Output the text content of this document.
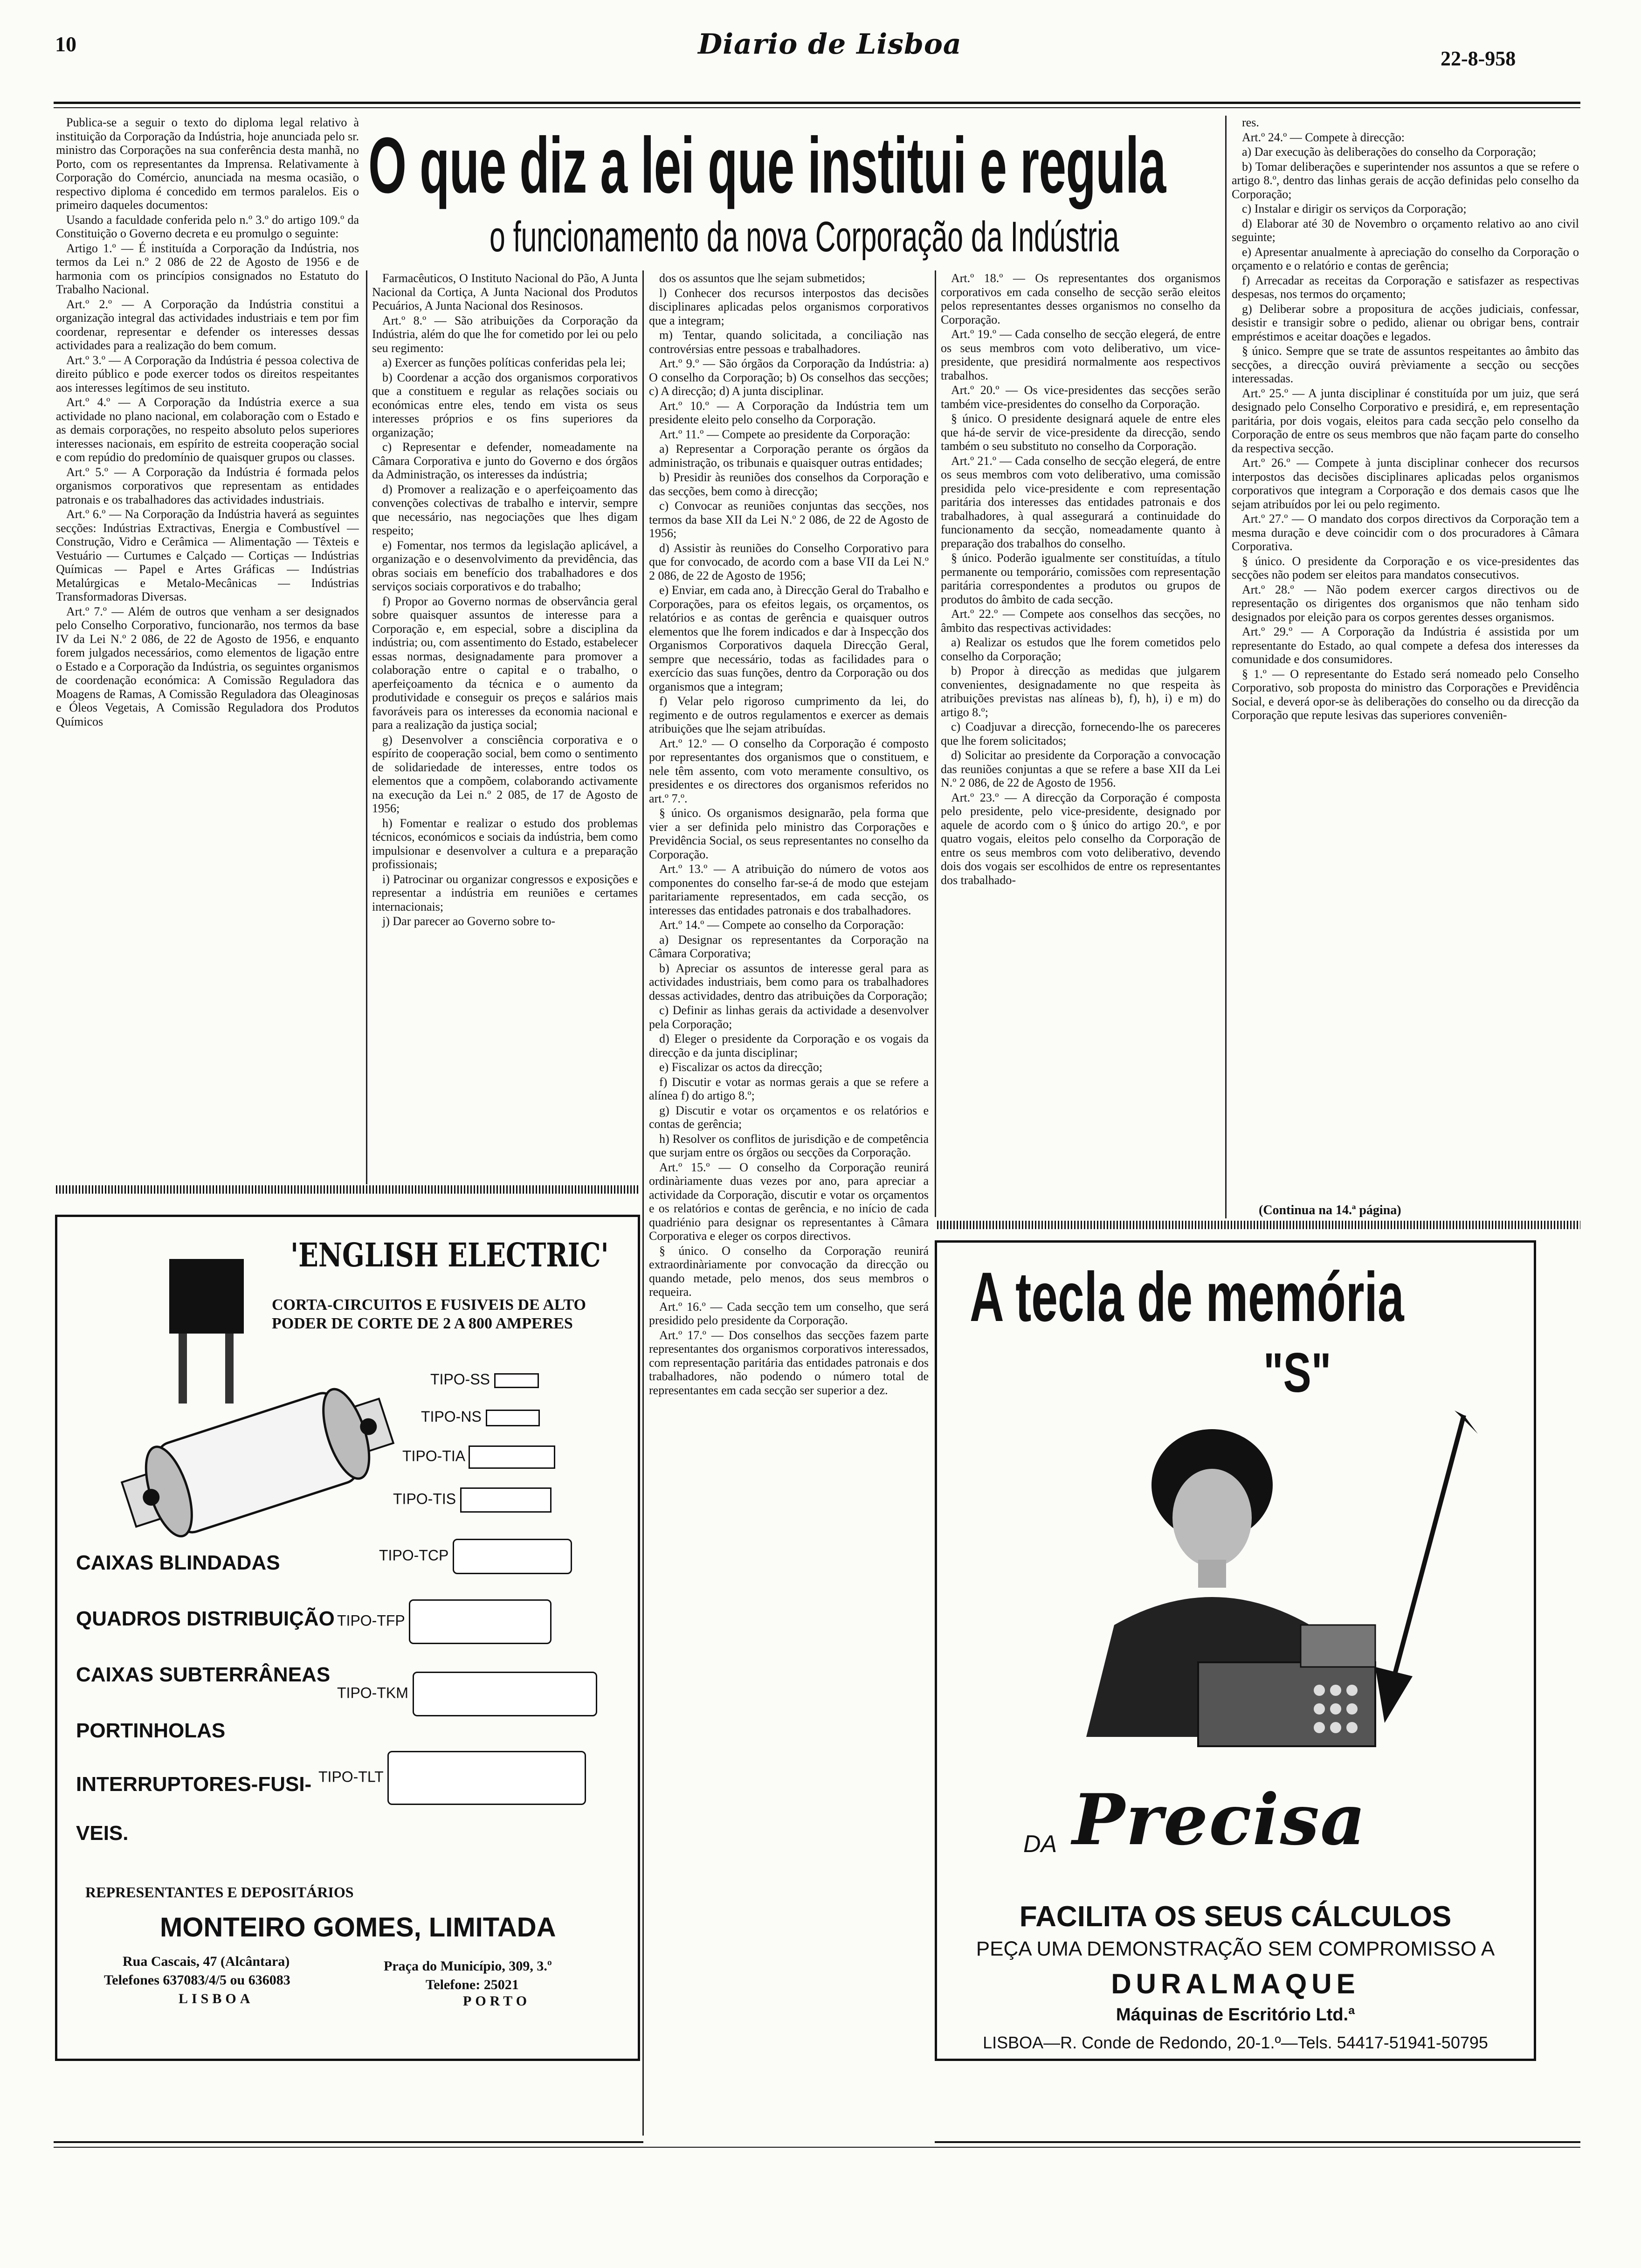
10	Diario de Lisboa	22-8-958
O que diz a lei que institui e regula
o funcionamento da nova Corporação da Indústria

Publica-se a seguir o texto do diploma legal relativo à instituição da Corporação da Indústria, hoje anunciada pelo sr. ministro das Corporações na sua conferência desta manhã, no Porto, com os representantes da Imprensa. Relativamente à Corporação do Comércio, anunciada na mesma ocasião, o respectivo diploma é concedido em termos paralelos. Eis o primeiro daqueles documentos:

Usando a faculdade conferida pelo n.º 3.º do artigo 109.º da Constituição o Governo decreta e eu promulgo o seguinte:

Artigo 1.º — É instituída a Corporação da Indústria, nos termos da Lei n.º 2 086 de 22 de Agosto de 1956 e de harmonia com os princípios consignados no Estatuto do Trabalho Nacional.

Art.º 2.º — A Corporação da Indústria constitui a organização integral das actividades industriais e tem por fim coordenar, representar e defender os interesses dessas actividades para a realização do bem comum.

Art.º 3.º — A Corporação da Indústria é pessoa colectiva de direito público e pode exercer todos os direitos respeitantes aos interesses legítimos de seu instituto.

Art.º 4.º — A Corporação da Indústria exerce a sua actividade no plano nacional, em colaboração com o Estado e as demais corporações, no respeito absoluto pelos superiores interesses nacionais, em espírito de estreita cooperação social e com repúdio do predomínio de quaisquer grupos ou classes.

Art.º 5.º — A Corporação da Indústria é formada pelos organismos corporativos que representam as entidades patronais e os trabalhadores das actividades industriais.

Art.º 6.º — Na Corporação da Indústria haverá as seguintes secções: Indústrias Extractivas, Energia e Combustível — Construção, Vidro e Cerâmica — Alimentação — Têxteis e Vestuário — Curtumes e Calçado — Cortiças — Indústrias Químicas — Papel e Artes Gráficas — Indústrias Metalúrgicas e Metalo-Mecânicas — Indústrias Transformadoras Diversas.

Art.º 7.º — Além de outros que venham a ser designados pelo Conselho Corporativo, funcionarão, nos termos da base IV da Lei N.º 2 086, de 22 de Agosto de 1956, e enquanto forem julgados necessários, como elementos de ligação entre o Estado e a Corporação da Indústria, os seguintes organismos de coordenação económica: A Comissão Reguladora das Moagens de Ramas, A Comissão Reguladora das Oleaginosas e Óleos Vegetais, A Comissão Reguladora dos Produtos Químicos

Farmacêuticos, O Instituto Nacional do Pão, A Junta Nacional da Cortiça, A Junta Nacional dos Produtos Pecuários, A Junta Nacional dos Resinosos.

Art.º 8.º — São atribuições da Corporação da Indústria, além do que lhe for cometido por lei ou pelo seu regimento:

a) Exercer as funções políticas conferidas pela lei;

b) Coordenar a acção dos organismos corporativos que a constituem e regular as relações sociais ou económicas entre eles, tendo em vista os seus interesses próprios e os fins superiores da organização;

c) Representar e defender, nomeadamente na Câmara Corporativa e junto do Governo e dos órgãos da Administração, os interesses da indústria;

d) Promover a realização e o aperfeiçoamento das convenções colectivas de trabalho e intervir, sempre que necessário, nas negociações que lhes digam respeito;

e) Fomentar, nos termos da legislação aplicável, a organização e o desenvolvimento da previdência, das obras sociais em benefício dos trabalhadores e dos serviços sociais corporativos e do trabalho;

f) Propor ao Governo normas de observância geral sobre quaisquer assuntos de interesse para a Corporação e, em especial, sobre a disciplina da indústria; ou, com assentimento do Estado, estabelecer essas normas, designadamente para promover a colaboração entre o capital e o trabalho, o aperfeiçoamento da técnica e o aumento da produtividade e conseguir os preços e salários mais favoráveis para os interesses da economia nacional e para a realização da justiça social;

g) Desenvolver a consciência corporativa e o espírito de cooperação social, bem como o sentimento de solidariedade de interesses, entre todos os elementos que a compõem, colaborando activamente na execução da Lei n.º 2 085, de 17 de Agosto de 1956;

h) Fomentar e realizar o estudo dos problemas técnicos, económicos e sociais da indústria, bem como impulsionar e desenvolver a cultura e a preparação profissionais;

i) Patrocinar ou organizar congressos e exposições e representar a indústria em reuniões e certames internacionais;

j) Dar parecer ao Governo sobre to-

dos os assuntos que lhe sejam submetidos;

l) Conhecer dos recursos interpostos das decisões disciplinares aplicadas pelos organismos corporativos que a integram;

m) Tentar, quando solicitada, a conciliação nas controvérsias entre pessoas e trabalhadores.

Art.º 9.º — São órgãos da Corporação da Indústria: a) O conselho da Corporação; b) Os conselhos das secções; c) A direcção; d) A junta disciplinar.

Art.º 10.º — A Corporação da Indústria tem um presidente eleito pelo conselho da Corporação.

Art.º 11.º — Compete ao presidente da Corporação:

a) Representar a Corporação perante os órgãos da administração, os tribunais e quaisquer outras entidades;

b) Presidir às reuniões dos conselhos da Corporação e das secções, bem como à direcção;

c) Convocar as reuniões conjuntas das secções, nos termos da base XII da Lei N.º 2 086, de 22 de Agosto de 1956;

d) Assistir às reuniões do Conselho Corporativo para que for convocado, de acordo com a base VII da Lei N.º 2 086, de 22 de Agosto de 1956;

e) Enviar, em cada ano, à Direcção Geral do Trabalho e Corporações, para os efeitos legais, os orçamentos, os relatórios e as contas de gerência e quaisquer outros elementos que lhe forem indicados e dar à Inspecção dos Organismos Corporativos daquela Direcção Geral, sempre que necessário, todas as facilidades para o exercício das suas funções, dentro da Corporação ou dos organismos que a integram;

f) Velar pelo rigoroso cumprimento da lei, do regimento e de outros regulamentos e exercer as demais atribuições que lhe sejam atribuídas.

Art.º 12.º — O conselho da Corporação é composto por representantes dos organismos que o constituem, e nele têm assento, com voto meramente consultivo, os presidentes e os directores dos organismos referidos no art.º 7.º.

§ único. Os organismos designarão, pela forma que vier a ser definida pelo ministro das Corporações e Previdência Social, os seus representantes no conselho da Corporação.

Art.º 13.º — A atribuição do número de votos aos componentes do conselho far-se-á de modo que estejam paritariamente representados, em cada secção, os interesses das entidades patronais e dos trabalhadores.

Art.º 14.º — Compete ao conselho da Corporação:

a) Designar os representantes da Corporação na Câmara Corporativa;

b) Apreciar os assuntos de interesse geral para as actividades industriais, bem como para os trabalhadores dessas actividades, dentro das atribuições da Corporação;

c) Definir as linhas gerais da actividade a desenvolver pela Corporação;

d) Eleger o presidente da Corporação e os vogais da direcção e da junta disciplinar;

e) Fiscalizar os actos da direcção;

f) Discutir e votar as normas gerais a que se refere a alínea f) do artigo 8.º;

g) Discutir e votar os orçamentos e os relatórios e contas de gerência;

h) Resolver os conflitos de jurisdição e de competência que surjam entre os órgãos ou secções da Corporação.

Art.º 15.º — O conselho da Corporação reunirá ordinàriamente duas vezes por ano, para apreciar a actividade da Corporação, discutir e votar os orçamentos e os relatórios e contas de gerência, e no início de cada quadriénio para designar os representantes à Câmara Corporativa e eleger os corpos directivos.

§ único. O conselho da Corporação reunirá extraordinàriamente por convocação da direcção ou quando metade, pelo menos, dos seus membros o requeira.

Art.º 16.º — Cada secção tem um conselho, que será presidido pelo presidente da Corporação.

Art.º 17.º — Dos conselhos das secções fazem parte representantes dos organismos corporativos interessados, com representação paritária das entidades patronais e dos trabalhadores, não podendo o número total de representantes em cada secção ser superior a dez.

Art.º 18.º — Os representantes dos organismos corporativos em cada conselho de secção serão eleitos pelos representantes desses organismos no conselho da Corporação.

Art.º 19.º — Cada conselho de secção elegerá, de entre os seus membros com voto deliberativo, um vice-presidente, que presidirá normalmente aos respectivos trabalhos.

Art.º 20.º — Os vice-presidentes das secções serão também vice-presidentes do conselho da Corporação.

§ único. O presidente designará aquele de entre eles que há-de servir de vice-presidente da direcção, sendo também o seu substituto no conselho da Corporação.

Art.º 21.º — Cada conselho de secção elegerá, de entre os seus membros com voto deliberativo, uma comissão presidida pelo vice-presidente e com representação paritária dos interesses das entidades patronais e dos trabalhadores, à qual assegurará a continuidade do funcionamento da secção, nomeadamente quanto à preparação dos trabalhos do conselho.

§ único. Poderão igualmente ser constituídas, a título permanente ou temporário, comissões com representação paritária correspondentes a produtos ou grupos de produtos do âmbito de cada secção.

Art.º 22.º — Compete aos conselhos das secções, no âmbito das respectivas actividades:

a) Realizar os estudos que lhe forem cometidos pelo conselho da Corporação;

b) Propor à direcção as medidas que julgarem convenientes, designadamente no que respeita às atribuições previstas nas alíneas b), f), h), i) e m) do artigo 8.º;

c) Coadjuvar a direcção, fornecendo-lhe os pareceres que lhe forem solicitados;

d) Solicitar ao presidente da Corporação a convocação das reuniões conjuntas a que se refere a base XII da Lei N.º 2 086, de 22 de Agosto de 1956.

Art.º 23.º — A direcção da Corporação é composta pelo presidente, pelo vice-presidente, designado por aquele de acordo com o § único do artigo 20.º, e por quatro vogais, eleitos pelo conselho da Corporação de entre os seus membros com voto deliberativo, devendo dois dos vogais ser escolhidos de entre os representantes dos trabalhado-

res.

Art.º 24.º — Compete à direcção:

a) Dar execução às deliberações do conselho da Corporação;

b) Tomar deliberações e superintender nos assuntos a que se refere o artigo 8.º, dentro das linhas gerais de acção definidas pelo conselho da Corporação;

c) Instalar e dirigir os serviços da Corporação;

d) Elaborar até 30 de Novembro o orçamento relativo ao ano civil seguinte;

e) Apresentar anualmente à apreciação do conselho da Corporação o orçamento e o relatório e contas de gerência;

f) Arrecadar as receitas da Corporação e satisfazer as respectivas despesas, nos termos do orçamento;

g) Deliberar sobre a propositura de acções judiciais, confessar, desistir e transigir sobre o pedido, alienar ou obrigar bens, contrair empréstimos e aceitar doações e legados.

§ único. Sempre que se trate de assuntos respeitantes ao âmbito das secções, a direcção ouvirá prèviamente a secção ou secções interessadas.

Art.º 25.º — A junta disciplinar é constituída por um juiz, que será designado pelo Conselho Corporativo e presidirá, e, em representação paritária, por dois vogais, eleitos para cada secção pelo conselho da Corporação de entre os seus membros que não façam parte do conselho da respectiva secção.

Art.º 26.º — Compete à junta disciplinar conhecer dos recursos interpostos das decisões disciplinares aplicadas pelos organismos corporativos que integram a Corporação e dos demais casos que lhe sejam atribuídos por lei ou pelo regimento.

Art.º 27.º — O mandato dos corpos directivos da Corporação tem a mesma duração e deve coincidir com o dos procuradores à Câmara Corporativa.

§ único. O presidente da Corporação e os vice-presidentes das secções não podem ser eleitos para mandatos consecutivos.

Art.º 28.º — Não podem exercer cargos directivos ou de representação os dirigentes dos organismos que não tenham sido designados por eleição para os corpos gerentes desses organismos.

Art.º 29.º — A Corporação da Indústria é assistida por um representante do Estado, ao qual compete a defesa dos interesses da comunidade e dos consumidores.

§ 1.º — O representante do Estado será nomeado pelo Conselho Corporativo, sob proposta do ministro das Corporações e Previdência Social, e deverá opor-se às deliberações do conselho ou da direcção da Corporação que repute lesivas das superiores conveniên-

(Continua na 14.ª página)
'ENGLISH ELECTRIC'
CORTA-CIRCUITOS E FUSIVEIS DE ALTO
PODER DE CORTE DE 2 A 800 AMPERES
TIPO-SS
TIPO-NS
TIPO-TIA
TIPO-TIS
TIPO-TCP
TIPO-TFP
TIPO-TKM
TIPO-TLT
CAIXAS BLINDADAS
QUADROS DISTRIBUIÇÃO
CAIXAS SUBTERRÂNEAS
PORTINHOLAS
INTERRUPTORES-FUSI-
VEIS.
REPRESENTANTES E DEPOSITÁRIOS
MONTEIRO GOMES, LIMITADA
Rua Cascais, 47 (Alcântara)
Telefones 637083/4/5 ou 636083
LISBOA
Praça do Município, 309, 3.º
Telefone: 25021
PORTO
A tecla de memória
"S"
DA Precisa
FACILITA OS SEUS CÁLCULOS
PEÇA UMA DEMONSTRAÇÃO SEM COMPROMISSO A
DURALMAQUE
Máquinas de Escritório Ltd.ª
LISBOA—R. Conde de Redondo, 20-1.º—Tels. 54417-51941-50795
